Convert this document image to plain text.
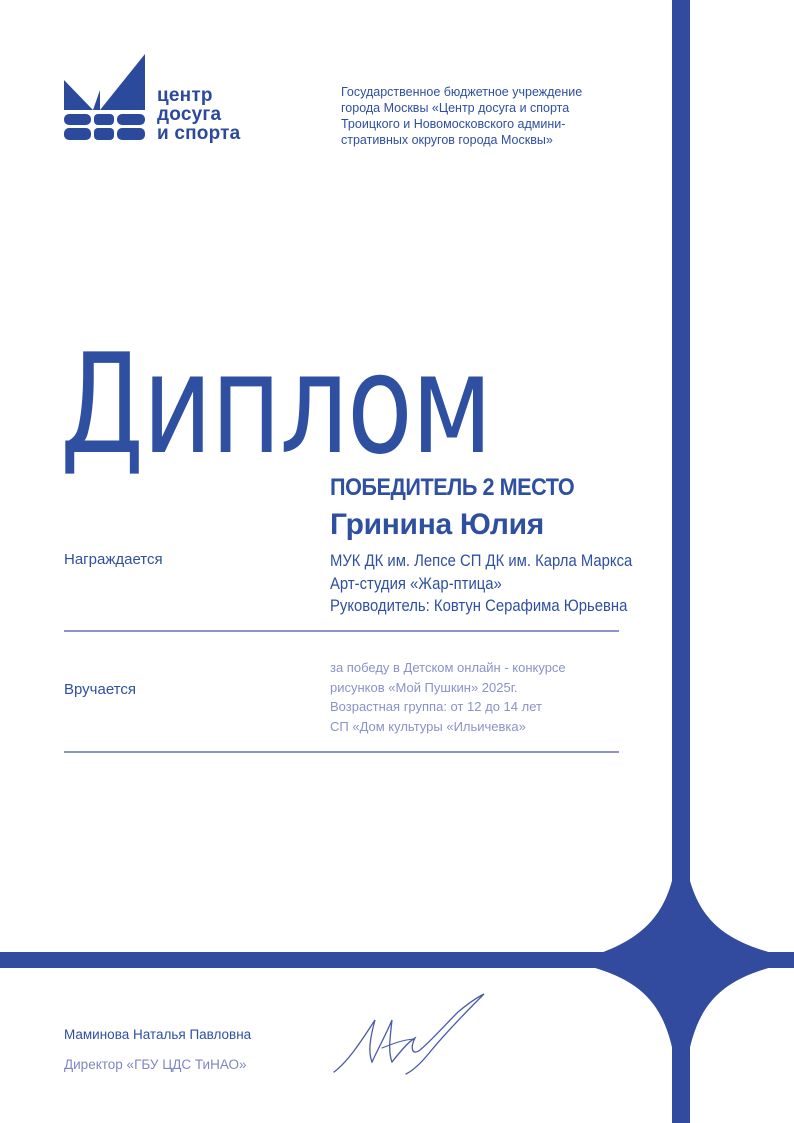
центр
досуга
и спорта
Государственное бюджетное учреждение
города Москвы «Центр досуга и спорта
Троицкого и Новомосковского админи-
стративных округов города Москвы»
Диплом
ПОБЕДИТЕЛЬ 2 МЕСТО
Гринина Юлия
Награждается	МУК ДК им. Лепсе СП ДК им. Карла Маркса
Арт-студия «Жар-птица»
Руководитель: Ковтун Серафима Юрьевна
Вручается
за победу в Детском онлайн - конкурсе
рисунков «Мой Пушкин» 2025г.
Возрастная группа: от 12 до 14 лет
СП «Дом культуры «Ильичевка»
Маминова Наталья Павловна
Директор «ГБУ ЦДС ТиНАО»
